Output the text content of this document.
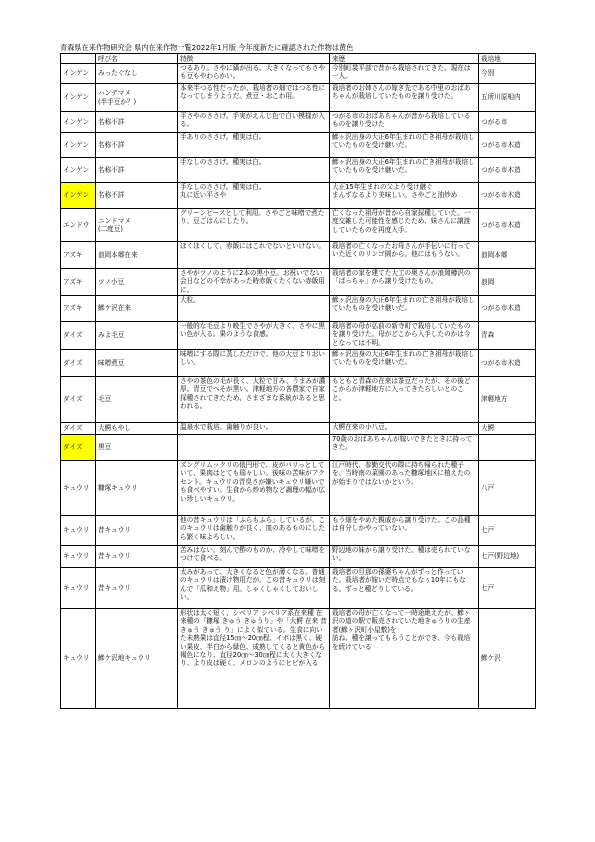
青森県在来作物研究会 県内在来作物一覧2022年1月版 今年度新たに確認された作物は黄色
	呼び名	特徴	来歴	栽培地

インゲン	みったぐなし	つるあり。さやに縞が出る。大きくなってもさやも豆もやわらかい。	今別町袰平部で昔から栽培されてきた。現在は一人。	今別

インゲン	ハンデマメ
(半手豆か？)	本来半つる性だったが、栽培者の畑ではつる性になってしまうようだ。煮豆・おこわ用。	栽培者のお姉さんの嫁ぎ先である中里のおばあちゃんが栽培していたものを譲り受けた。	五所川原相内

インゲン	名称不詳	平さやのささげ。手実がえんじ色で白い模様が入る。	つがる市のおばあちゃんが昔から栽培しているものを譲り受けた	つがる市

インゲン	名称不詳	手ありのささげ。種実は白。	鰺ヶ沢出身の大正6年生まれの亡き祖母が栽培していたものを受け継いだ。	つがる市木造

インゲン	名称不詳	手なしのささげ。種実は白。	鰺ヶ沢出身の大正6年生まれの亡き祖母が栽培していたものを受け継いだ。	つがる市木造

インゲン	名称不詳	手なしのささげ。種実は白。
丸に近い平さや	大正15年生まれの父より受け継ぐ
まんずなるより美味しい。さやごと油炒め	つがる市木造

エンドウ	ニンドマメ
(二度豆)	グリーンピースとして利用。さやごと味噌で煮たり、豆ごはんにしたり。	亡くなった祖母が昔から自家採種していた。一度交雑した可能性を感じたため、妹さんに譲渡していたものを再度入手。	つがる市木造

アズキ	浪岡本郷在来	ほくほくして、赤飯にはこれでないといけない。	栽培者の亡くなったお母さんが手伝いに行っていた近くのリンゴ園から。他にはもうない。	浪岡本郷

アズキ	ツノ小豆	さやがツノのように2本の黒小豆。お祝いでない会日などの不幸があった時赤飯くたくない赤飯用に。	栽培者の家を建てた大工の奥さんが浪岡樽沢の「ぱっちゃ」から譲り受けたもの。	浪岡

アズキ	鰺ケ沢在来	大粒。	鰺ヶ沢出身の大正6年生まれの亡き祖母が栽培していたものを受け継いだ。	つがる市木造

ダイズ	みよ毛豆	一般的な毛豆より晩生でさやが大きく、さやに黒い色が入る。果のような食感。	栽培者の母が弘前の新寺町で栽培していたものを譲り受けた。母がどこから入手したのかは今となっては不明。	青森

ダイズ	味噌煮豆	味噌にする際に蒸しただけで、他の大豆よりおいしい。	鰺ヶ沢出身の大正6年生まれの亡き祖母が栽培していたものを受け継いだ。	つがる市木造

ダイズ	毛豆	さやの茶色の毛が長く、大粒で甘み、うまみが濃厚。青豆でへそが黒い。津軽地方の各農家で自家採種されてきたため、さまざまな系統があると思われる。	もともと青森の在来は茶豆だったが、その後どこからか津軽地方に入ってきたらしいとのこと。	津軽地方

ダイズ	大鰐もやし	温泉水で栽培。歯触りが良い。	大鰐在来の小八豆。	大鰐

ダイズ	黒豆		70歳のおばあちゃんが嫁いできたときに持ってきた。	

キュウリ	糠塚キュウリ	ズングリムックリの俵円形で、皮がパリっとしていて、果肉はとても瑞々しい。後味の苦味がアクセント。キュウリの青臭さが嫌いキュウリ嫌いでも食べやすい。生食から炒め物など調理の幅が広い珍しいキュウリ。	江戸時代、参勤交代の際に持ち帰られた種子を、当時南の菜園のあった糠塚地区に植えたのが始まりではないかという。	八戸

キュウリ	昔キュウリ	他の昔キュウリは「ふらもふら」しているが、このキュウリは歯触りが良く、皿のあるものにしたら繁く味よろしい。	もう畑をやめた親戚から譲り受けた。この品種は自分しかやっていない。	七戸

キュウリ	昔キュウリ	苦みはない。刻んで酢のものか、冷やして味噌をつけて食べる。	野辺地の妹から譲り受けた。種は売られていない。	七戸(野辺地)

キュウリ	昔キュウリ	太みがあって、大きくなると色が薄くなる。普通のキュウリは漬け物用だが、この昔キュウリは刻んで「瓜和え物」用。しゃくしゃくしておいしい。	栽培者の旦那の孫婆ちゃんがずっと作っていた。栽培者が嫁いだ時点でもなぅ10年にもなる。ずっと種どりしている。	七戸

キュウリ	鰺ケ沢地キュウリ	形状は太く短く、シベリア シベリア系在来種 在来種の「糠塚 きゅう きゅうり」や「大鰐 在来 昔きゅう きゅう り」によく似ている。生食に向いた未熟果は直径15㎝〜20㎝程、イボは黒く、硬い果皮、半白から緑色、成熟してくると黄色から褐色になり、直径20㎝〜30㎝程に太く大きくなり、より皮は硬く、メロンのようにヒビが入る	栽培者の母が亡くなって一時途絶えたが、鰺ヶ沢の道の駅で販売されていた地きゅうりの生産者(鰺ヶ沢町小屋敷)を
訪ね、種を譲ってもらうことができ、今も栽培を続けている	鰺ケ沢
